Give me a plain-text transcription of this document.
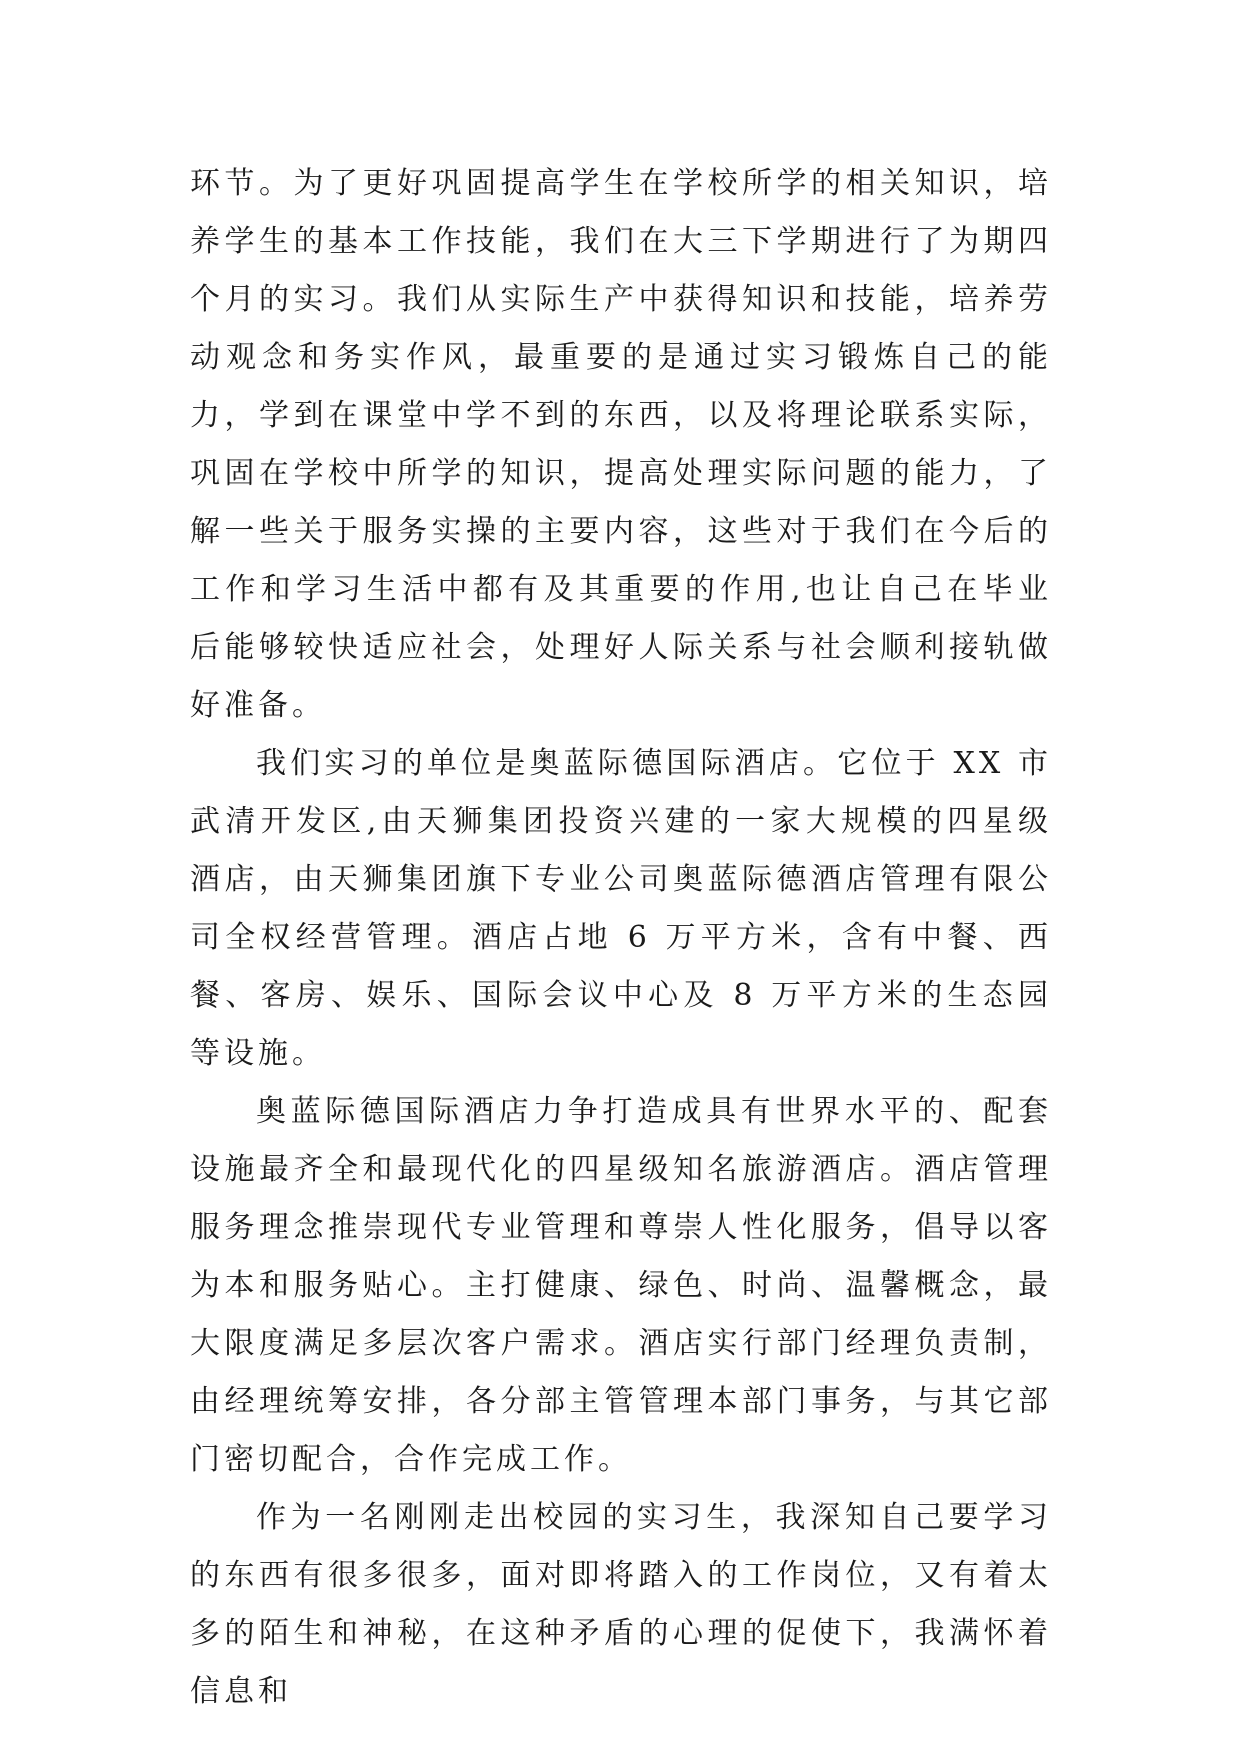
环节。为了更好巩固提高学生在学校所学的相关知识，培养学生的基本工作技能，我们在大三下学期进行了为期四个月的实习。我们从实际生产中获得知识和技能，培养劳动观念和务实作风，最重要的是通过实习锻炼自己的能力，学到在课堂中学不到的东西，以及将理论联系实际，巩固在学校中所学的知识，提高处理实际问题的能力，了解一些关于服务实操的主要内容，这些对于我们在今后的工作和学习生活中都有及其重要的作用,也让自己在毕业后能够较快适应社会，处理好人际关系与社会顺利接轨做好准备。

我们实习的单位是奥蓝际德国际酒店。它位于 XX 市武清开发区,由天狮集团投资兴建的一家大规模的四星级酒店，由天狮集团旗下专业公司奥蓝际德酒店管理有限公司全权经营管理。酒店占地 6 万平方米，含有中餐、西餐、客房、娱乐、国际会议中心及 8 万平方米的生态园等设施。

奥蓝际德国际酒店力争打造成具有世界水平的、配套设施最齐全和最现代化的四星级知名旅游酒店。酒店管理服务理念推崇现代专业管理和尊崇人性化服务，倡导以客为本和服务贴心。主打健康、绿色、时尚、温馨概念，最大限度满足多层次客户需求。酒店实行部门经理负责制，由经理统筹安排，各分部主管管理本部门事务，与其它部门密切配合，合作完成工作。

作为一名刚刚走出校园的实习生，我深知自己要学习的东西有很多很多，面对即将踏入的工作岗位，又有着太多的陌生和神秘，在这种矛盾的心理的促使下，我满怀着信息和
